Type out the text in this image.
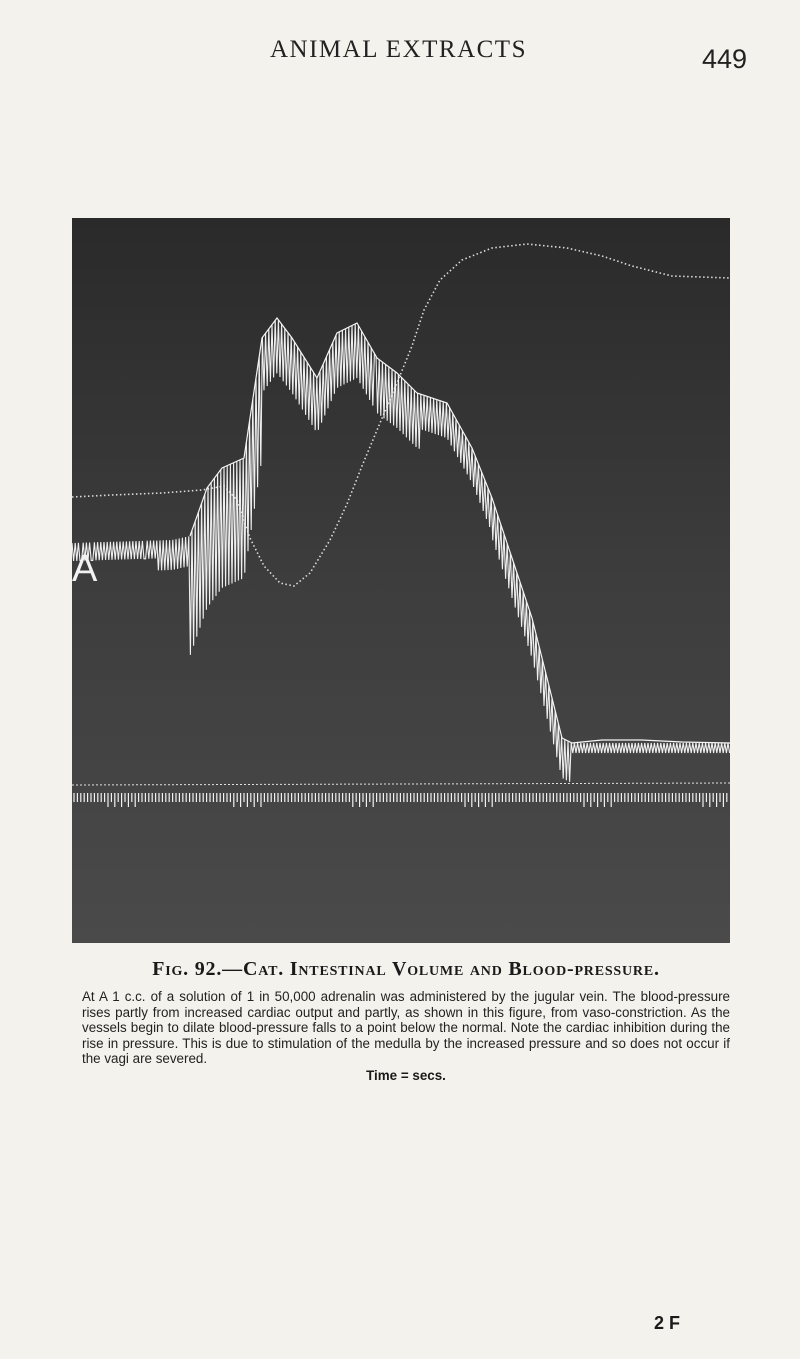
ANIMAL EXTRACTS	449
A
Fig. 92.—Cat. Intestinal Volume and Blood-pressure.

At A 1 c.c. of a solution of 1 in 50,000 adrenalin was administered by the jugular vein. The blood-pressure rises partly from increased cardiac output and partly, as shown in this figure, from vaso-constriction. As the vessels begin to dilate blood-pressure falls to a point below the normal. Note the cardiac inhibition during the rise in pressure. This is due to stimulation of the medulla by the increased pressure and so does not occur if the vagi are severed.

Time = secs.
2 F
